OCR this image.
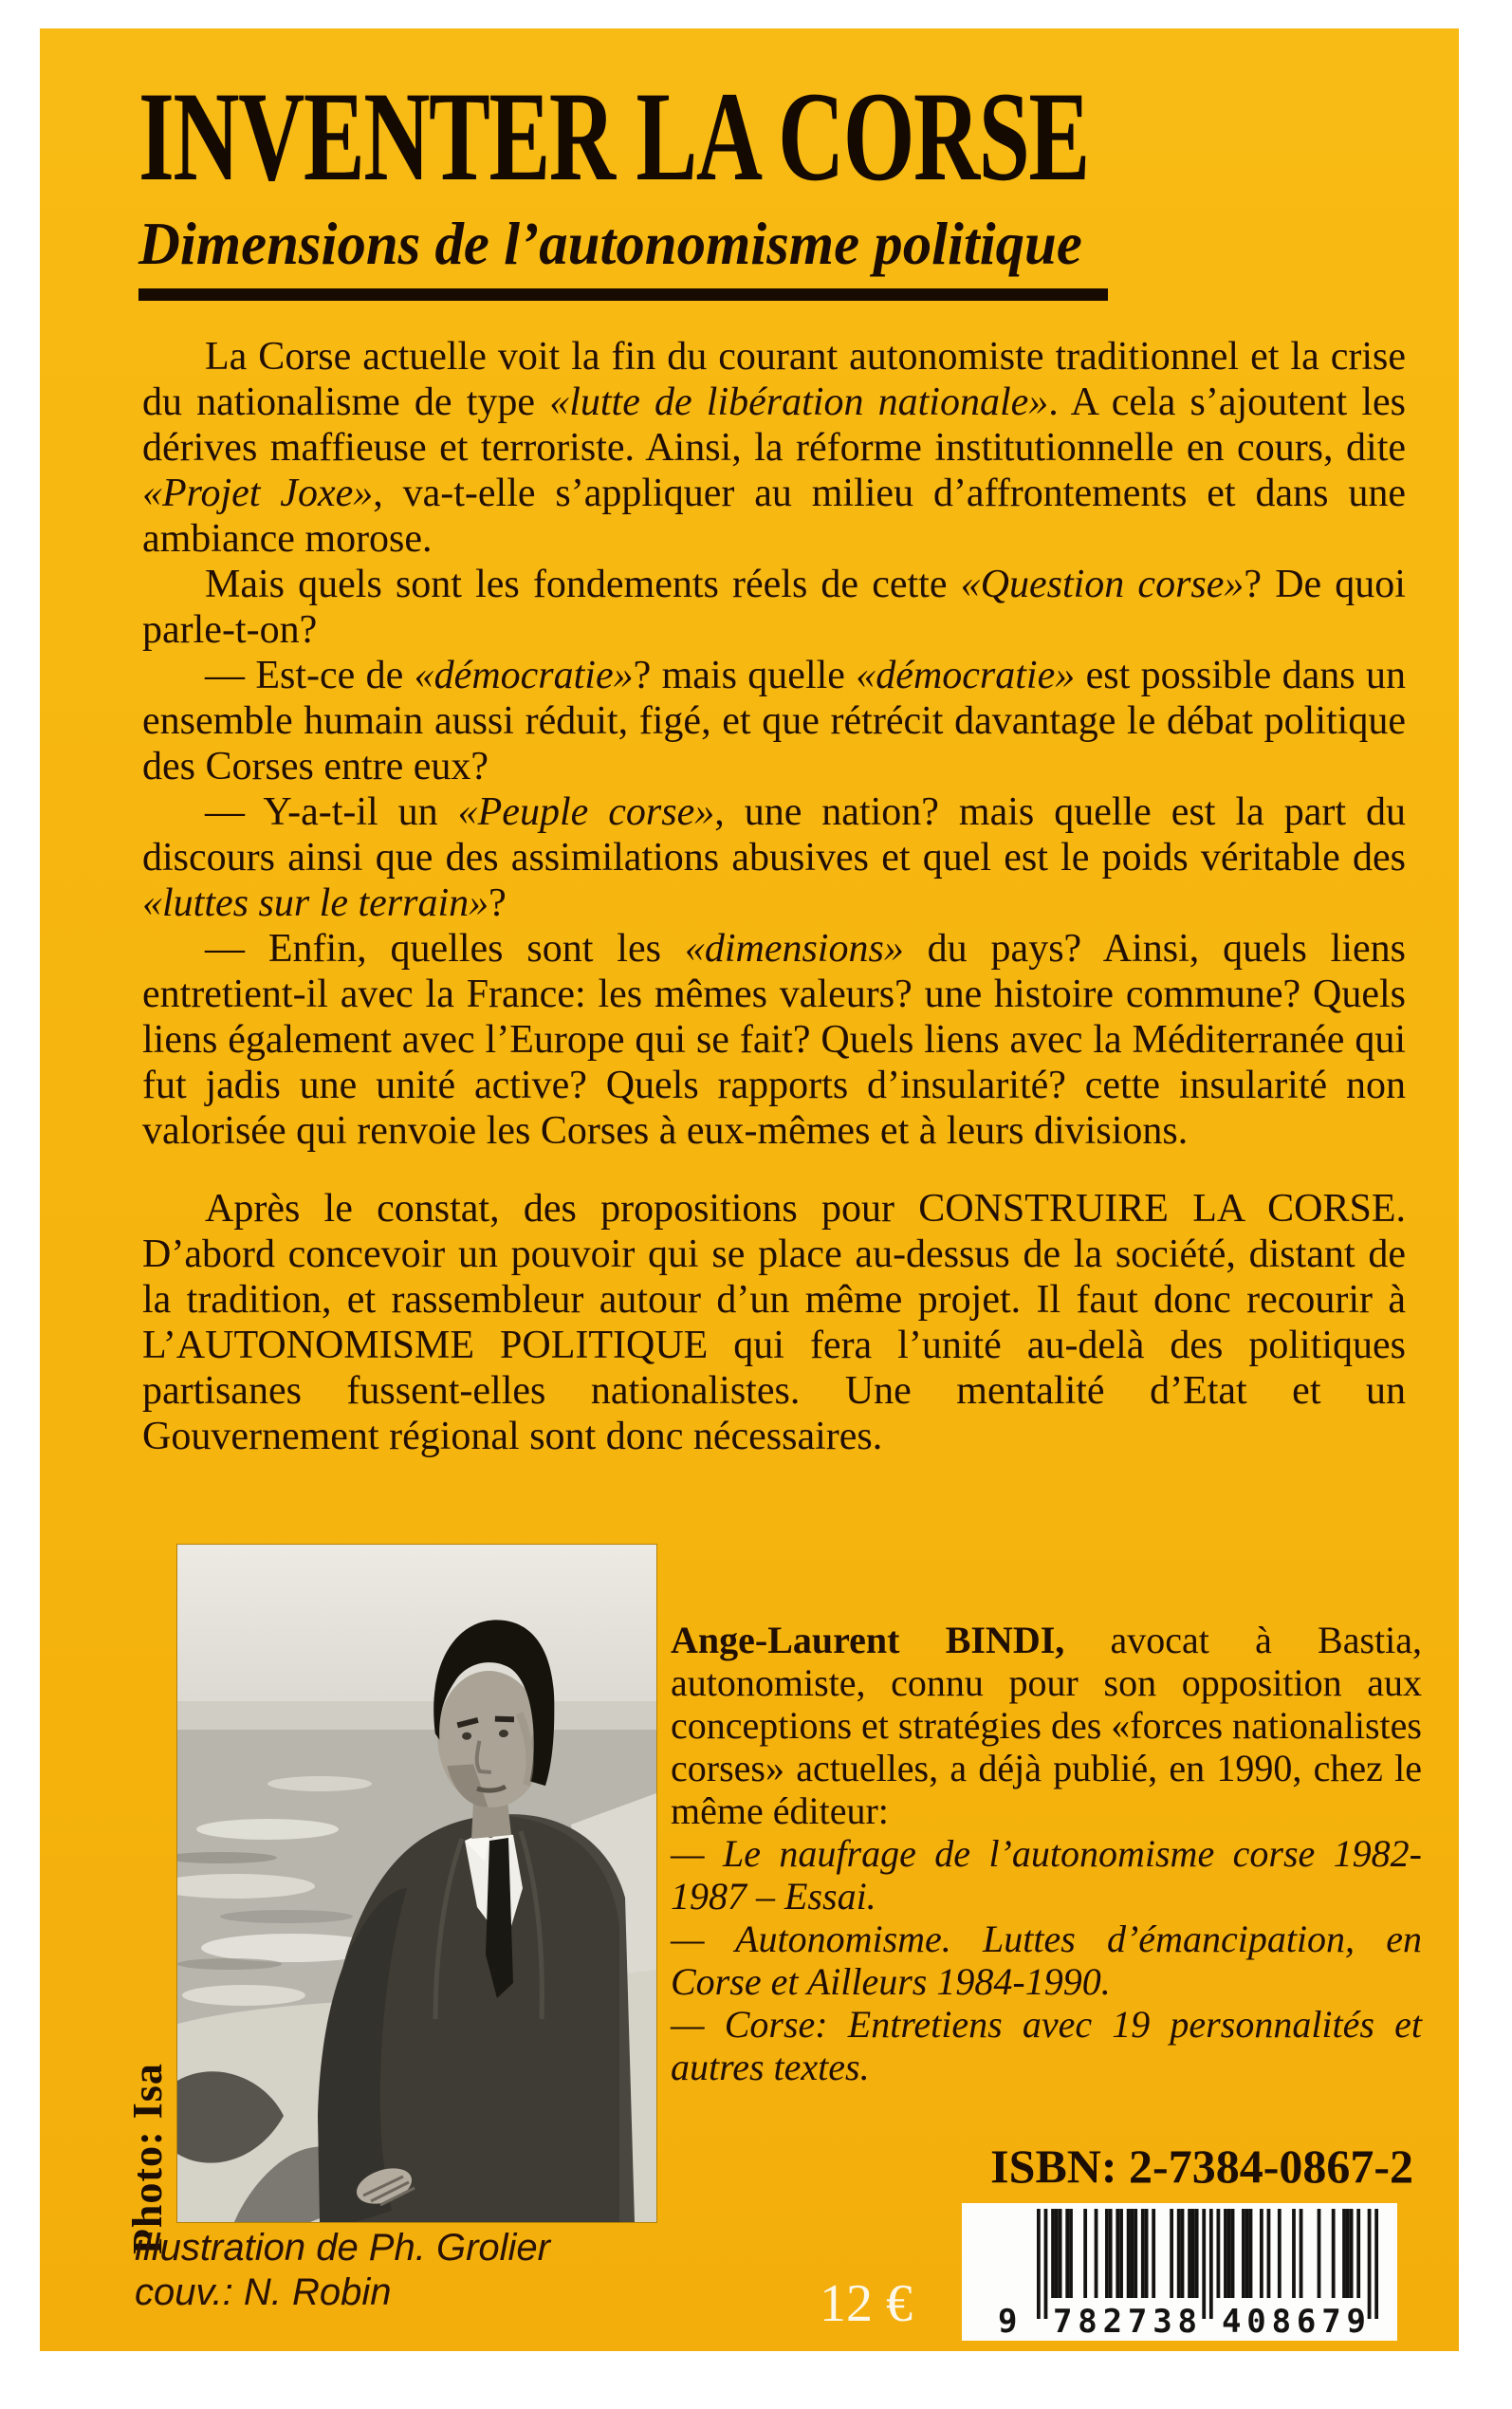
INVENTER LA CORSE
Dimensions de l’autonomisme politique

La Corse actuelle voit la fin du courant autonomiste traditionnel et la crise du nationalisme de type «lutte de libération nationale». A cela s’ajoutent les dérives maffieuse et terroriste. Ainsi, la réforme institutionnelle en cours, dite «Projet Joxe», va-t-elle s’appliquer au milieu d’affrontements et dans une ambiance morose.

Mais quels sont les fondements réels de cette «Question corse»? De quoi parle-t-on?

— Est-ce de «démocratie»? mais quelle «démocratie» est possible dans un ensemble humain aussi réduit, figé, et que rétrécit davantage le débat politique des Corses entre eux?

— Y-a-t-il un «Peuple corse», une nation? mais quelle est la part du discours ainsi que des assimilations abusives et quel est le poids véritable des «luttes sur le terrain»?

— Enfin, quelles sont les «dimensions» du pays? Ainsi, quels liens entretient-il avec la France: les mêmes valeurs? une histoire commune? Quels liens également avec l’Europe qui se fait? Quels liens avec la Méditerranée qui fut jadis une unité active? Quels rapports d’insularité? cette insularité non valorisée qui renvoie les Corses à eux-mêmes et à leurs divisions.

Après le constat, des propositions pour CONSTRUIRE LA CORSE. D’abord concevoir un pouvoir qui se place au-dessus de la société, distant de la tradition, et rassembleur autour d’un même projet. Il faut donc recourir à L’AUTONOMISME POLITIQUE qui fera l’unité au-delà des politiques partisanes fussent-elles nationalistes. Une mentalité d’Etat et un Gouvernement régional sont donc nécessaires.

Photo: Isa

Ange-Laurent BINDI, avocat à Bastia, autonomiste, connu pour son opposition aux conceptions et stratégies des «forces nationalistes corses» actuelles, a déjà publié, en 1990, chez le même éditeur:

— Le naufrage de l’autonomisme corse 1982-1987 – Essai.

— Autonomisme. Luttes d’émancipation, en Corse et Ailleurs 1984-1990.

— Corse: Entretiens avec 19 personnalités et autres textes.

ISBN: 2-7384-0867-2
illustration de Ph. Grolier
couv.: N. Robin	12 €	9 782738 408679
